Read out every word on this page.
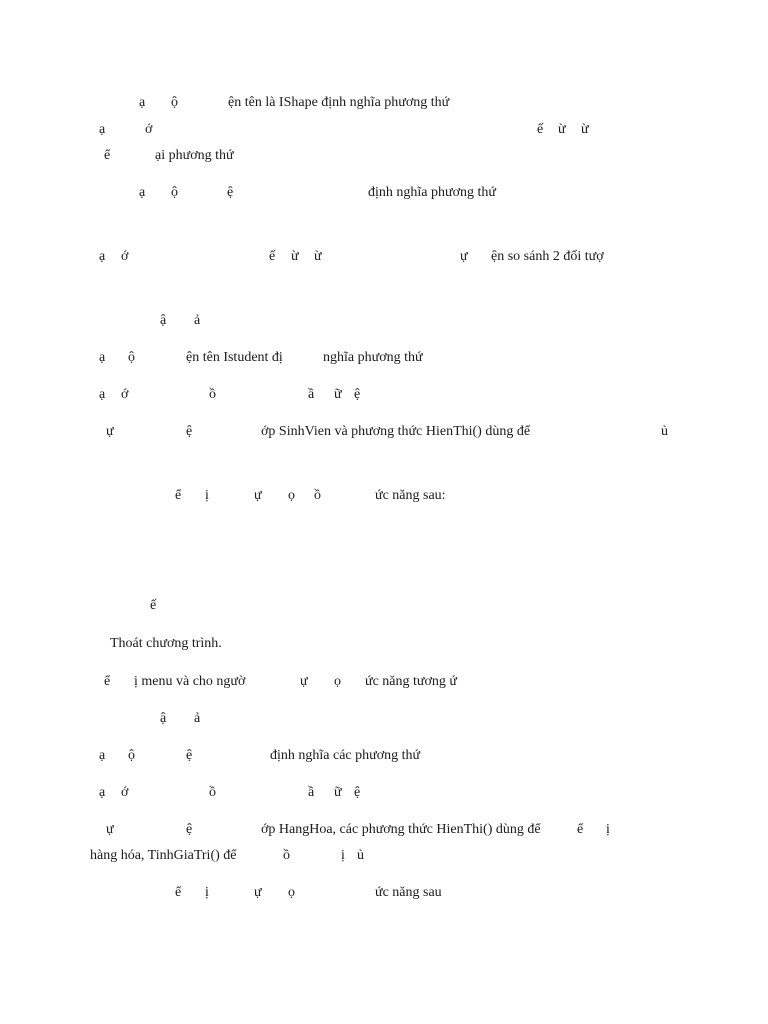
ạ ộ	ện tên là IShape định nghĩa phương thứ
ạ	ớ	ế ừ ừ
ể	ại phương thứ
ạ ộ	ệ	định nghĩa phương thứ
ạ ớ	ế ừ ừ	ự ện so sánh 2 đối tượ
ậ ả
ạ ộ	ện tên Istudent đị	nghĩa phương thứ
ạ ớ	ồ	ầ ữ ệ
ự	ệ	ớp SinhVien và phương thức HienThi() dùng để	ủ
ể ị	ự ọ ồ	ức năng sau:
ế
Thoát chương trình.
ể ị menu và cho ngườ	ự ọ ức năng tương ứ
ậ ả
ạ ộ	ệ	định nghĩa các phương thứ
ạ ớ	ồ	ầ ữ ệ
ự	ệ	ớp HangHoa, các phương thức HienThi() dùng để	ể ị
hàng hóa, TinhGiaTri() để	ồ	ị ủ
ể ị	ự ọ	ức năng sau
